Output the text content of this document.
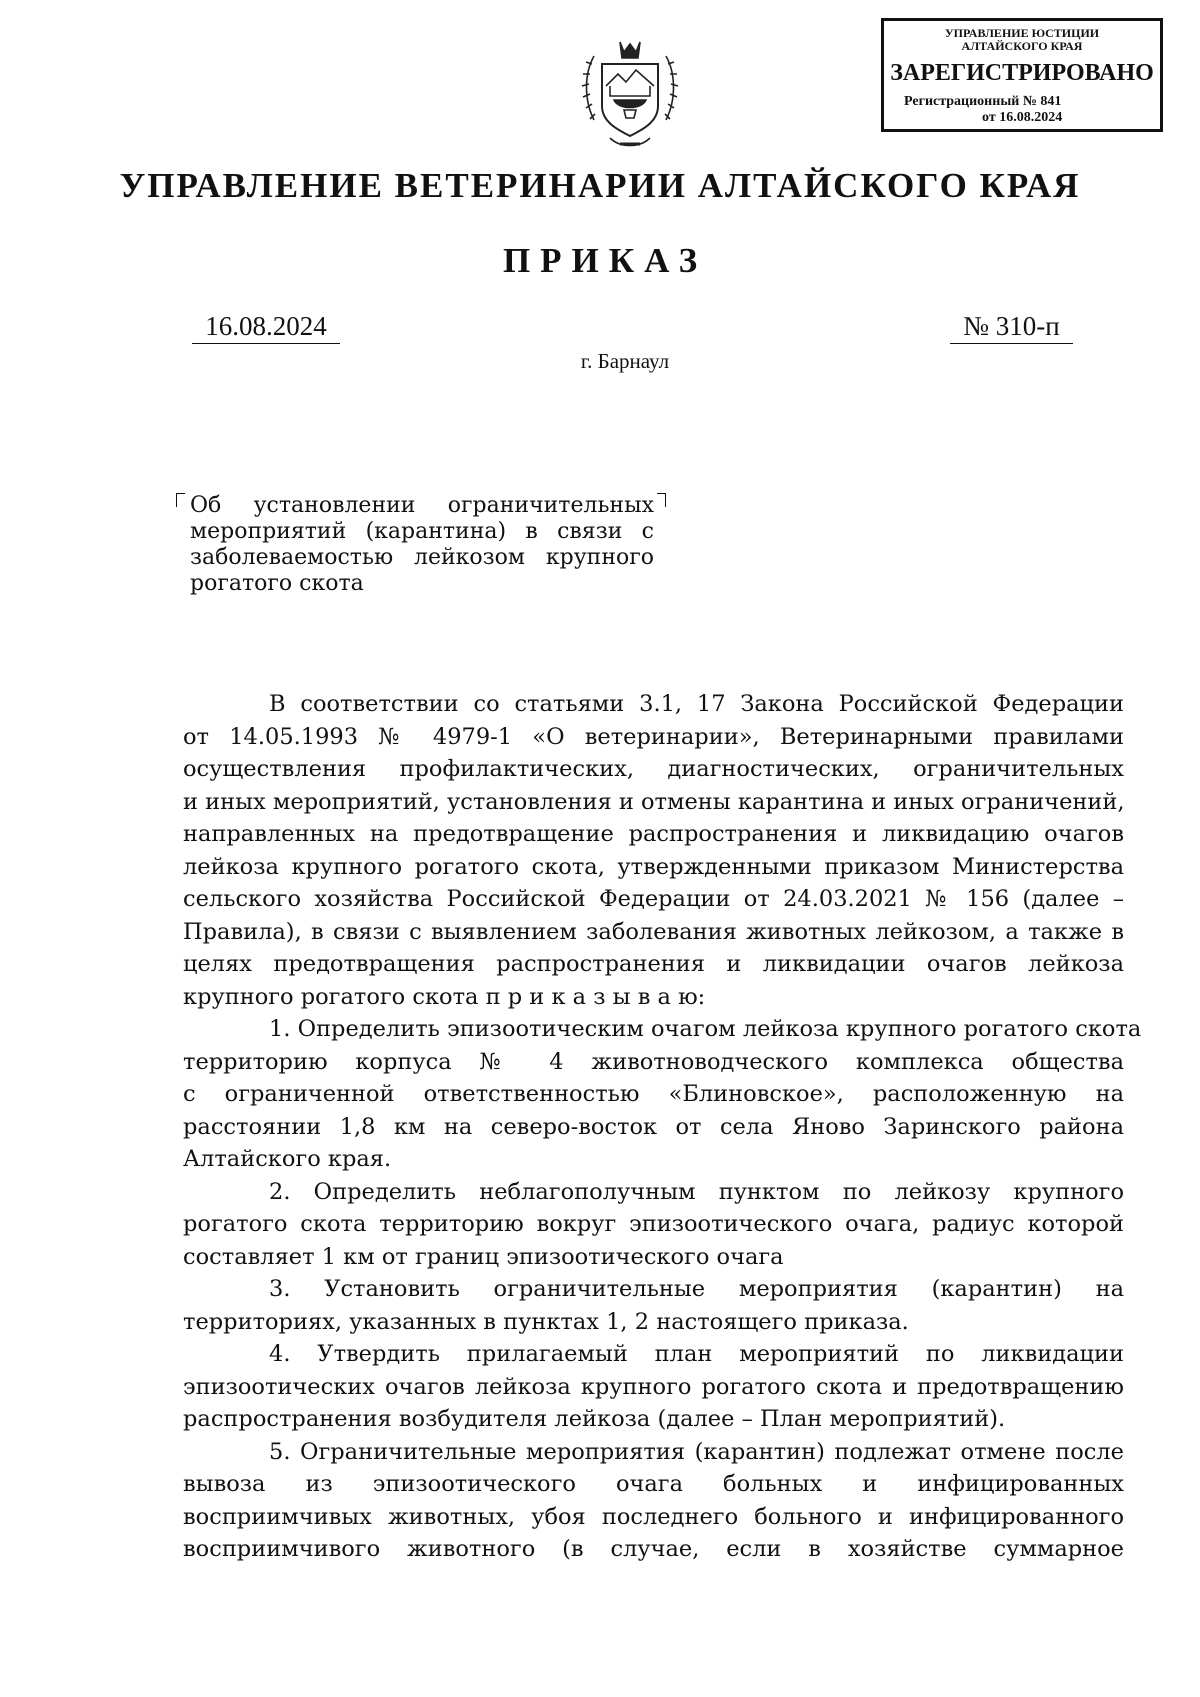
УПРАВЛЕНИЕ ЮСТИЦИИ
АЛТАЙСКОГО КРАЯ
ЗАРЕГИСТРИРОВАНО
Регистрационный № 841
от 16.08.2024
УПРАВЛЕНИЕ ВЕТЕРИНАРИИ АЛТАЙСКОГО КРАЯ
ПРИКАЗ
16.08.2024	№ 310-п
г. Барнаул
Об установлении ограничительных
мероприятий (карантина) в связи с
заболеваемостью лейкозом крупного
рогатого скота
В соответствии со статьями 3.1, 17 Закона Российской Федерации
от 14.05.1993 № 4979-1 «О ветеринарии», Ветеринарными правилами
осуществления профилактических, диагностических, ограничительных
и иных мероприятий, установления и отмены карантина и иных ограничений,
направленных на предотвращение распространения и ликвидацию очагов
лейкоза крупного рогатого скота, утвержденными приказом Министерства
сельского хозяйства Российской Федерации от 24.03.2021 № 156 (далее –
Правила), в связи с выявлением заболевания животных лейкозом, а также в
целях предотвращения распространения и ликвидации очагов лейкоза
крупного рогатого скота п р и к а з ы в а ю:
1. Определить эпизоотическим очагом лейкоза крупного рогатого скота
территорию корпуса № 4 животноводческого комплекса общества
с ограниченной ответственностью «Блиновское», расположенную на
расстоянии 1,8 км на северо-восток от села Яново Заринского района
Алтайского края.
2. Определить неблагополучным пунктом по лейкозу крупного
рогатого скота территорию вокруг эпизоотического очага, радиус которой
составляет 1 км от границ эпизоотического очага
3. Установить ограничительные мероприятия (карантин) на
территориях, указанных в пунктах 1, 2 настоящего приказа.
4. Утвердить прилагаемый план мероприятий по ликвидации
эпизоотических очагов лейкоза крупного рогатого скота и предотвращению
распространения возбудителя лейкоза (далее – План мероприятий).
5. Ограничительные мероприятия (карантин) подлежат отмене после
вывоза из эпизоотического очага больных и инфицированных
восприимчивых животных, убоя последнего больного и инфицированного
восприимчивого животного (в случае, если в хозяйстве суммарное
